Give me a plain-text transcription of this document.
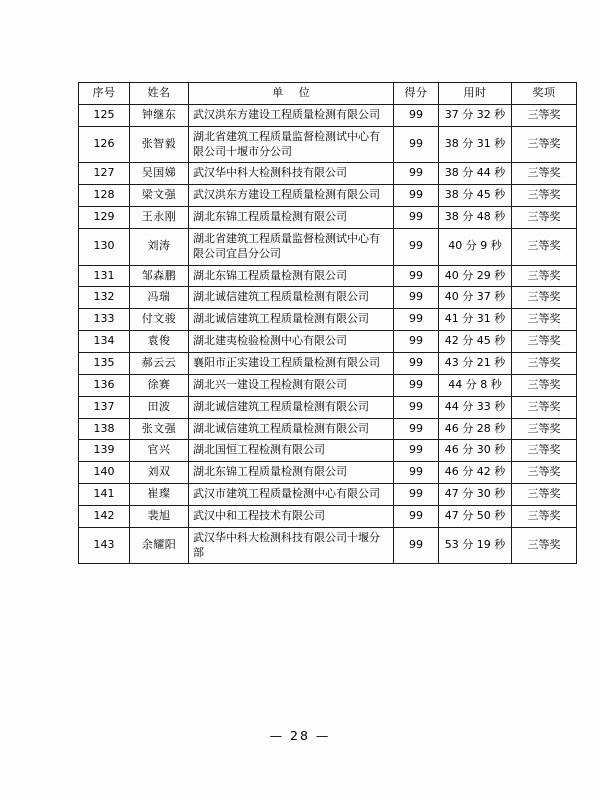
序号	姓名	单 位	得分	用时	奖项
125	钟继东	武汉洪东方建设工程质量检测有限公司	99	37 分 32 秒	三等奖
126	张智毅	湖北省建筑工程质量监督检测试中心有限公司十堰市分公司	99	38 分 31 秒	三等奖
127	吴国娣	武汉华中科大检测科技有限公司	99	38 分 44 秒	三等奖
128	梁文强	武汉洪东方建设工程质量检测有限公司	99	38 分 45 秒	三等奖
129	王永刚	湖北东锦工程质量检测有限公司	99	38 分 48 秒	三等奖
130	刘涛	湖北省建筑工程质量监督检测试中心有限公司宜昌分公司	99	40 分 9 秒	三等奖
131	邹森鹏	湖北东锦工程质量检测有限公司	99	40 分 29 秒	三等奖
132	冯瑞	湖北诚信建筑工程质量检测有限公司	99	40 分 37 秒	三等奖
133	付文骏	湖北诚信建筑工程质量检测有限公司	99	41 分 31 秒	三等奖
134	袁俊	湖北建夷检验检测中心有限公司	99	42 分 45 秒	三等奖
135	郝云云	襄阳市正实建设工程质量检测有限公司	99	43 分 21 秒	三等奖
136	徐赛	湖北兴一建设工程检测有限公司	99	44 分 8 秒	三等奖
137	田波	湖北诚信建筑工程质量检测有限公司	99	44 分 33 秒	三等奖
138	张文强	湖北诚信建筑工程质量检测有限公司	99	46 分 28 秒	三等奖
139	官兴	湖北国恒工程检测有限公司	99	46 分 30 秒	三等奖
140	刘双	湖北东锦工程质量检测有限公司	99	46 分 42 秒	三等奖
141	崔璨	武汉市建筑工程质量检测中心有限公司	99	47 分 30 秒	三等奖
142	裴旭	武汉中和工程技术有限公司	99	47 分 50 秒	三等奖
143	余耀阳	武汉华中科大检测科技有限公司十堰分部	99	53 分 19 秒	三等奖
— 28 —
